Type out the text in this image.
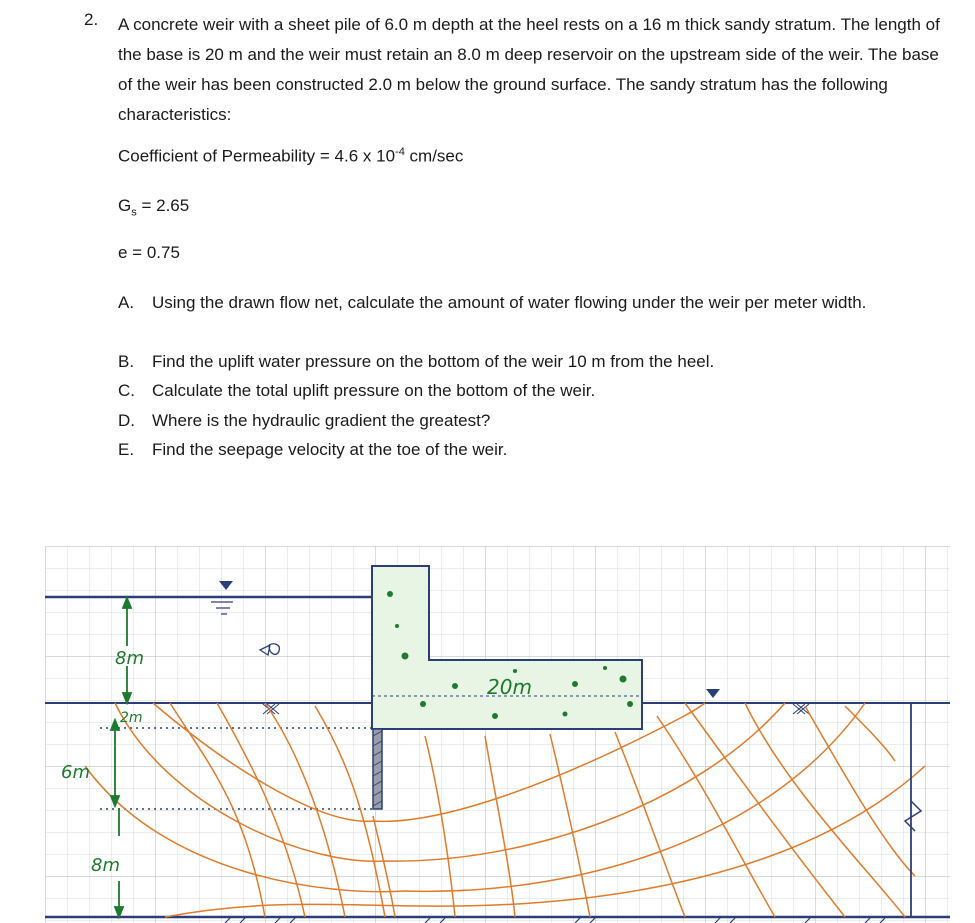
2. A concrete weir with a sheet pile of 6.0 m depth at the heel rests on a 16 m thick sandy stratum. The length of the base is 20 m and the weir must retain an 8.0 m deep reservoir on the upstream side of the weir. The base of the weir has been constructed 2.0 m below the ground surface. The sandy stratum has the following characteristics:

Coefficient of Permeability = 4.6 x $10^{-4}$ cm/sec
$G_s = 2.65$
e = 0.75
A. Using the drawn flow net, calculate the amount of water flowing under the weir per meter width.
B. Find the uplift water pressure on the bottom of the weir 10 m from the heel.
C. Calculate the total uplift pressure on the bottom of the weir.
D. Where is the hydraulic gradient the greatest?
E. Find the seepage velocity at the toe of the weir.
8m
2m
6m
8m
20m
